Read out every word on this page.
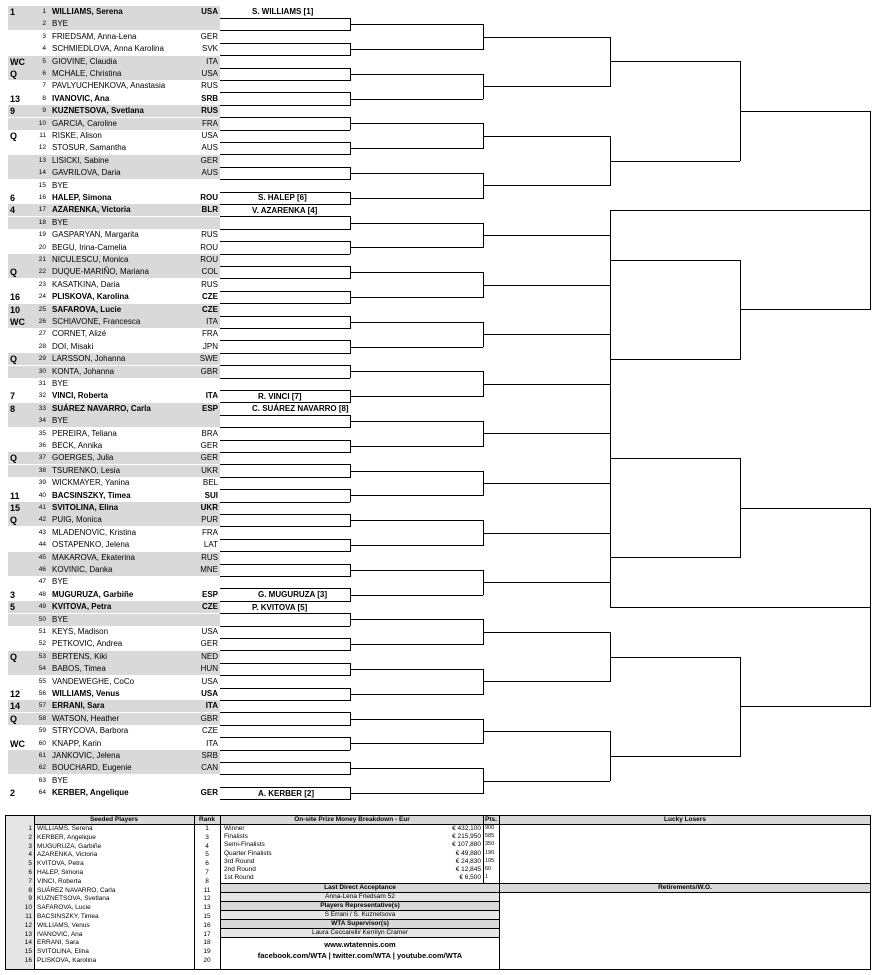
1	1 WILLIAMS, Serena	USA
2 BYE
3 FRIEDSAM, Anna-Lena	GER
4 SCHMIEDLOVA, Anna Karolina	SVK
WC	5 GIOVINE, Claudia	ITA
Q	6 MCHALE, Christina	USA
7 PAVLYUCHENKOVA, Anastasia	RUS
13	8 IVANOVIC, Ana	SRB
9	9 KUZNETSOVA, Svetlana	RUS
10 GARCIA, Caroline	FRA
Q	11 RISKE, Alison	USA
12 STOSUR, Samantha	AUS
13 LISICKI, Sabine	GER
14 GAVRILOVA, Daria	AUS
15 BYE
6	16 HALEP, Simona	ROU
4	17 AZARENKA, Victoria	BLR
18 BYE
19 GASPARYAN, Margarita	RUS
20 BEGU, Irina-Camelia	ROU
21 NICULESCU, Monica	ROU
Q	22 DUQUE-MARIÑO, Mariana	COL
23 KASATKINA, Daria	RUS
16	24 PLISKOVA, Karolina	CZE
10	25 SAFAROVA, Lucie	CZE
WC	26 SCHIAVONE, Francesca	ITA
27 CORNET, Alizé	FRA
28 DOI, Misaki	JPN
Q	29 LARSSON, Johanna	SWE
30 KONTA, Johanna	GBR
31 BYE
7	32 VINCI, Roberta	ITA
8	33 SUÁREZ NAVARRO, Carla	ESP
34 BYE
35 PEREIRA, Teliana	BRA
36 BECK, Annika	GER
Q	37 GOERGES, Julia	GER
38 TSURENKO, Lesia	UKR
39 WICKMAYER, Yanina	BEL
11	40 BACSINSZKY, Timea	SUI
15	41 SVITOLINA, Elina	UKR
Q	42 PUIG, Monica	PUR
43 MLADENOVIC, Kristina	FRA
44 OSTAPENKO, Jelena	LAT
45 MAKAROVA, Ekaterina	RUS
46 KOVINIC, Danka	MNE
47 BYE
3	48 MUGURUZA, Garbiñe	ESP
5	49 KVITOVA, Petra	CZE
50 BYE
51 KEYS, Madison	USA
52 PETKOVIC, Andrea	GER
Q	53 BERTENS, Kiki	NED
54 BABOS, Timea	HUN
55 VANDEWEGHE, CoCo	USA
12	56 WILLIAMS, Venus	USA
14	57 ERRANI, Sara	ITA
Q	58 WATSON, Heather	GBR
59 STRYCOVA, Barbora	CZE
WC	60 KNAPP, Karin	ITA
61 JANKOVIC, Jelena	SRB
62 BOUCHARD, Eugenie	CAN
63 BYE
2	64 KERBER, Angelique	GER
S. WILLIAMS [1]
S. HALEP [6]
V. AZARENKA [4]
R. VINCI [7]
C. SUÁREZ NAVARRO [8]
G. MUGURUZA [3]
P. KVITOVA [5]
A. KERBER [2]
Seeded Players	Rank
1 WILLIAMS, Serena	1
2 KERBER, Angelique	3
3 MUGURUZA, Garbiñe	4
4 AZARENKA, Victoria	5
5 KVITOVA, Petra	6
6 HALEP, Simona	7
7 VINCI, Roberta	8
8 SUÁREZ NAVARRO, Carla	11
9 KUZNETSOVA, Svetlana	12
10 SAFAROVA, Lucie	13
11 BACSINSZKY, Timea	15
12 WILLIAMS, Venus	16
13 IVANOVIC, Ana	17
14 ERRANI, Sara	18
15 SVITOLINA, Elina	19
16 PLISKOVA, Karolina	20
On-site Prize Money Breakdown - Eur	Pts.
Winner	€ 432,100 900
Finalists	€ 215,950 585
Semi-Finalists	€ 107,880 350
Quarter Finalists	€ 49,880 190
3rd Round	€ 24,830 105
2nd Round	€ 12,845 60
1st Round	€ 6,500 1
Lucky Losers
Last Direct Acceptance
Anna-Lena Friedsam 52
Players Representative(s)
S Errani / S. Kuznetsova
WTA Supervisor(s)
Laura Ceccarelli/ Kerrilyn Cramer
www.wtatennis.com
facebook.com/WTA | twitter.com/WTA | youtube.com/WTA
Retirements/W.O.
